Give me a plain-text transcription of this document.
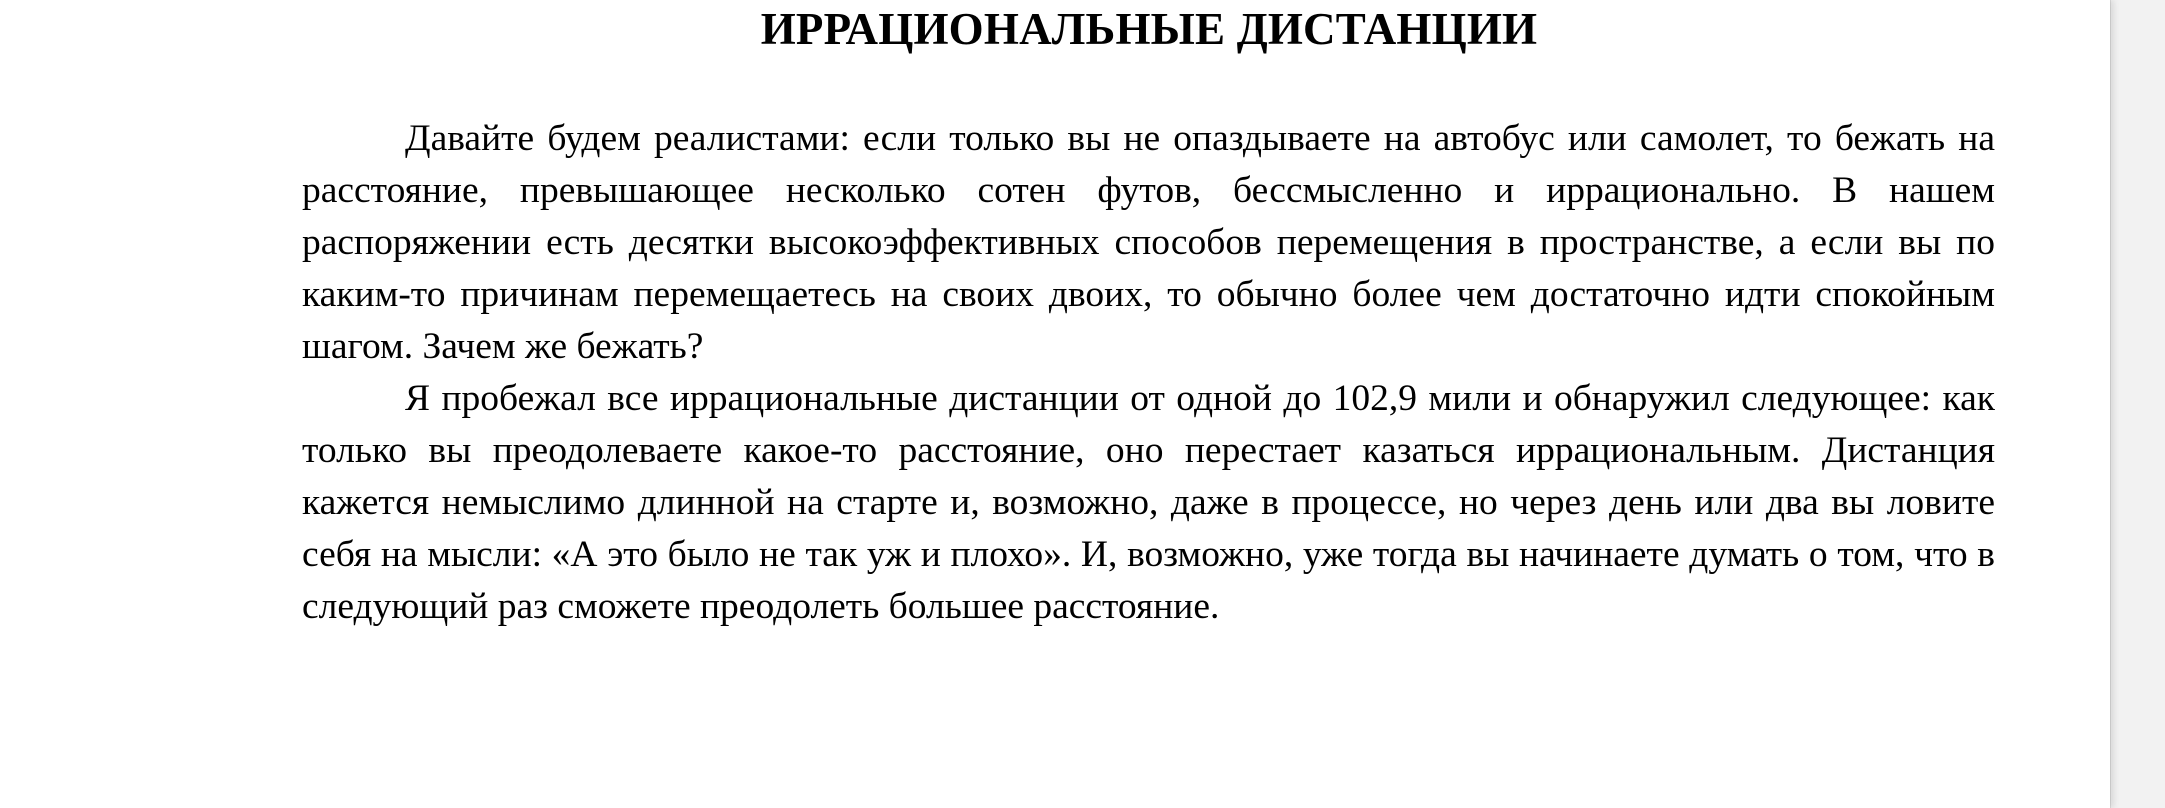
ИРРАЦИОНАЛЬНЫЕ ДИСТАНЦИИ

Давайте будем реалистами: если только вы не опаздываете на автобус или самолет, то бежать на расстояние, превышающее несколько сотен футов, бессмысленно и иррационально. В нашем распоряжении есть десятки высокоэффективных способов перемещения в пространстве, а если вы по каким-то причинам перемещаетесь на своих двоих, то обычно более чем достаточно идти спокойным шагом. Зачем же бежать?

Я пробежал все иррациональные дистанции от одной до 102,9 мили и обнаружил следующее: как только вы преодолеваете какое-то расстояние, оно перестает казаться иррациональным. Дистанция кажется немыслимо длинной на старте и, возможно, даже в процессе, но через день или два вы ловите себя на мысли: «А это было не так уж и плохо». И, возможно, уже тогда вы начинаете думать о том, что в следующий раз сможете преодолеть большее расстояние.
